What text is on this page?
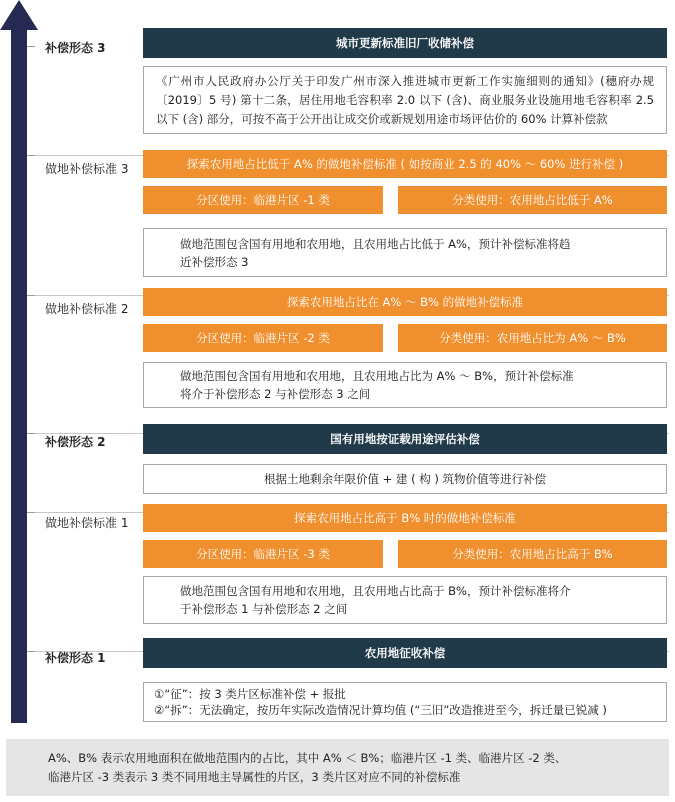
补偿形态 3	城市更新标准旧厂收储补偿
《广州市人民政府办公厅关于印发广州市深入推进城市更新工作实施细则的通知》(穗府办规〔2019〕5 号) 第十二条，居住用地毛容积率 2.0 以下 (含)、商业服务业设施用地毛容积率 2.5 以下 (含) 部分，可按不高于公开出让成交价或新规划用途市场评估价的 60% 计算补偿款
做地补偿标准 3	探索农用地占比低于 A% 的做地补偿标准 ( 如按商业 2.5 的 40% ～ 60% 进行补偿 )
分区使用：临港片区 -1 类	分类使用：农用地占比低于 A%
做地范围包含国有用地和农用地，且农用地占比低于 A%，预计补偿标准将趋
近补偿形态 3
做地补偿标准 2	探索农用地占比在 A% ～ B% 的做地补偿标准
分区使用：临港片区 -2 类	分类使用：农用地占比为 A% ～ B%
做地范围包含国有用地和农用地，且农用地占比为 A% ～ B%，预计补偿标准
将介于补偿形态 2 与补偿形态 3 之间
补偿形态 2	国有用地按证载用途评估补偿
根据土地剩余年限价值 + 建 ( 构 ) 筑物价值等进行补偿
做地补偿标准 1	探索农用地占比高于 B% 时的做地补偿标准
分区使用：临港片区 -3 类	分类使用：农用地占比高于 B%
做地范围包含国有用地和农用地，且农用地占比高于 B%，预计补偿标准将介
于补偿形态 1 与补偿形态 2 之间
补偿形态 1	农用地征收补偿
①“征”：按 3 类片区标准补偿 + 报批
②“拆”：无法确定，按历年实际改造情况计算均值 (“三旧”改造推进至今，拆迁量已锐减 )
A%、B% 表示农用地面积在做地范围内的占比，其中 A% ＜ B%；临港片区 -1 类、临港片区 -2 类、
临港片区 -3 类表示 3 类不同用地主导属性的片区，3 类片区对应不同的补偿标准
